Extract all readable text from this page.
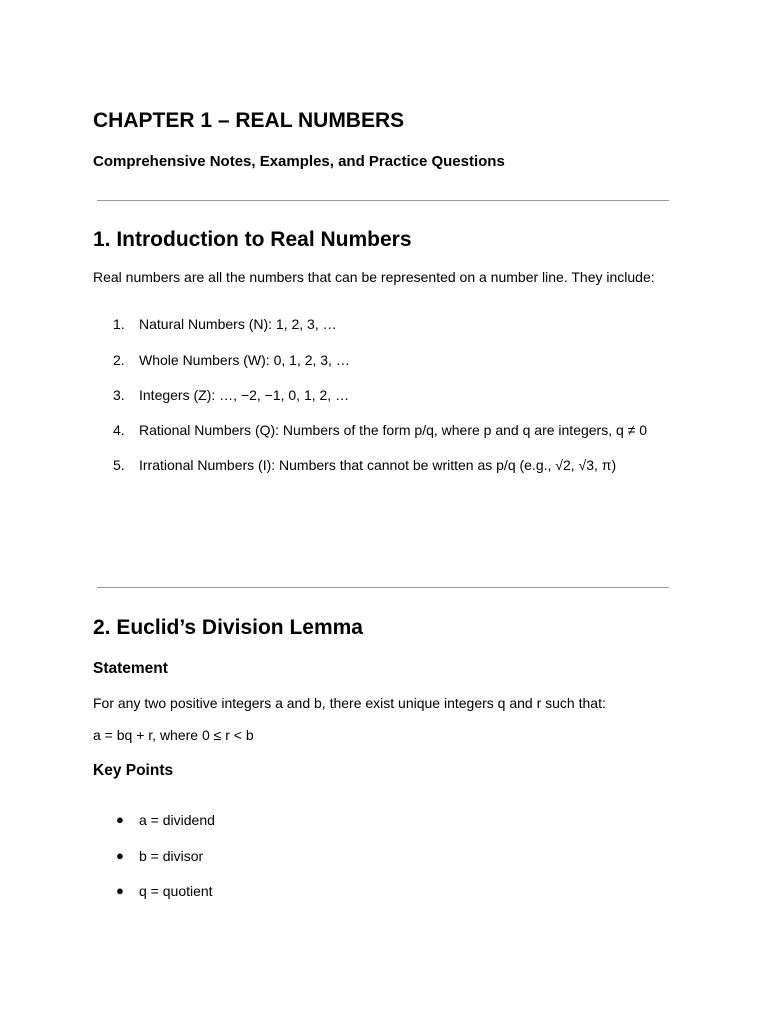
CHAPTER 1 – REAL NUMBERS
Comprehensive Notes, Examples, and Practice Questions
1. Introduction to Real Numbers
Real numbers are all the numbers that can be represented on a number line. They include:
1.	Natural Numbers (N): 1, 2, 3, …
2.	Whole Numbers (W): 0, 1, 2, 3, …
3.	Integers (Z): …, −2, −1, 0, 1, 2, …
4.	Rational Numbers (Q): Numbers of the form p/q, where p and q are integers, q ≠ 0
5.	Irrational Numbers (I): Numbers that cannot be written as p/q (e.g., √2, √3, π)
2. Euclid’s Division Lemma
Statement
For any two positive integers a and b, there exist unique integers q and r such that:
a = bq + r, where 0 ≤ r < b
Key Points
● a = dividend
● b = divisor
● q = quotient
